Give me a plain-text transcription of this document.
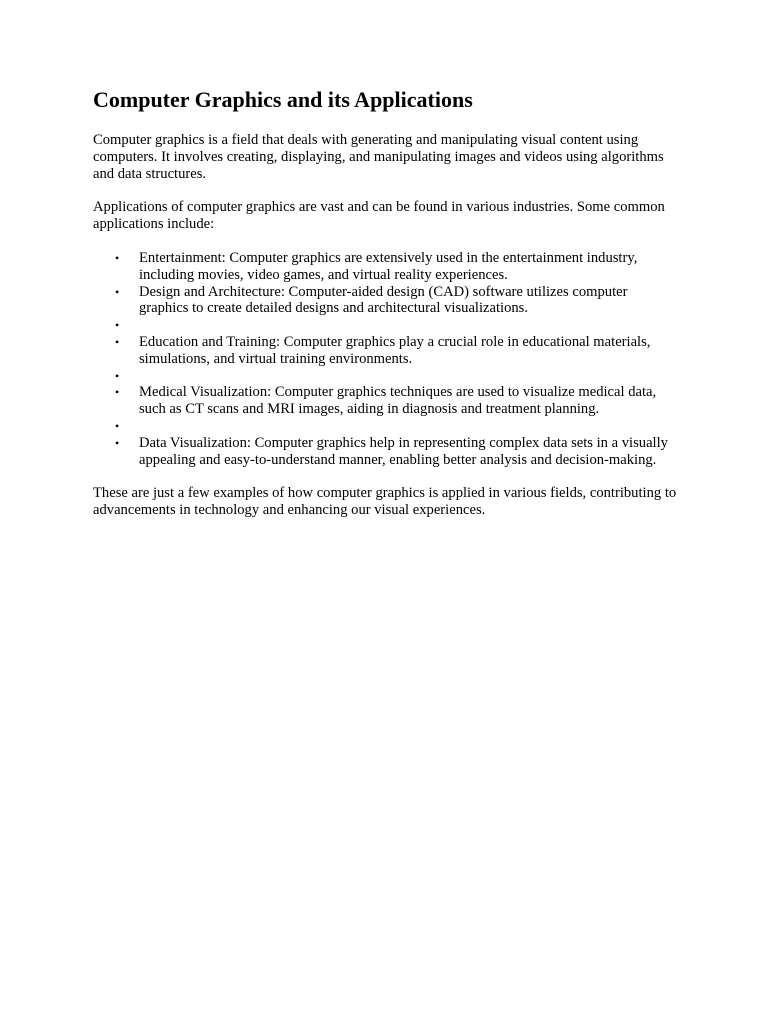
Computer Graphics and its Applications

Computer graphics is a field that deals with generating and manipulating visual content using computers. It involves creating, displaying, and manipulating images and videos using algorithms and data structures.

Applications of computer graphics are vast and can be found in various industries. Some common applications include:

• Entertainment: Computer graphics are extensively used in the entertainment industry, including movies, video games, and virtual reality experiences.
• Design and Architecture: Computer-aided design (CAD) software utilizes computer graphics to create detailed designs and architectural visualizations.
•
• Education and Training: Computer graphics play a crucial role in educational materials, simulations, and virtual training environments.
•
• Medical Visualization: Computer graphics techniques are used to visualize medical data, such as CT scans and MRI images, aiding in diagnosis and treatment planning.
•
• Data Visualization: Computer graphics help in representing complex data sets in a visually appealing and easy-to-understand manner, enabling better analysis and decision-making.

These are just a few examples of how computer graphics is applied in various fields, contributing to advancements in technology and enhancing our visual experiences.
